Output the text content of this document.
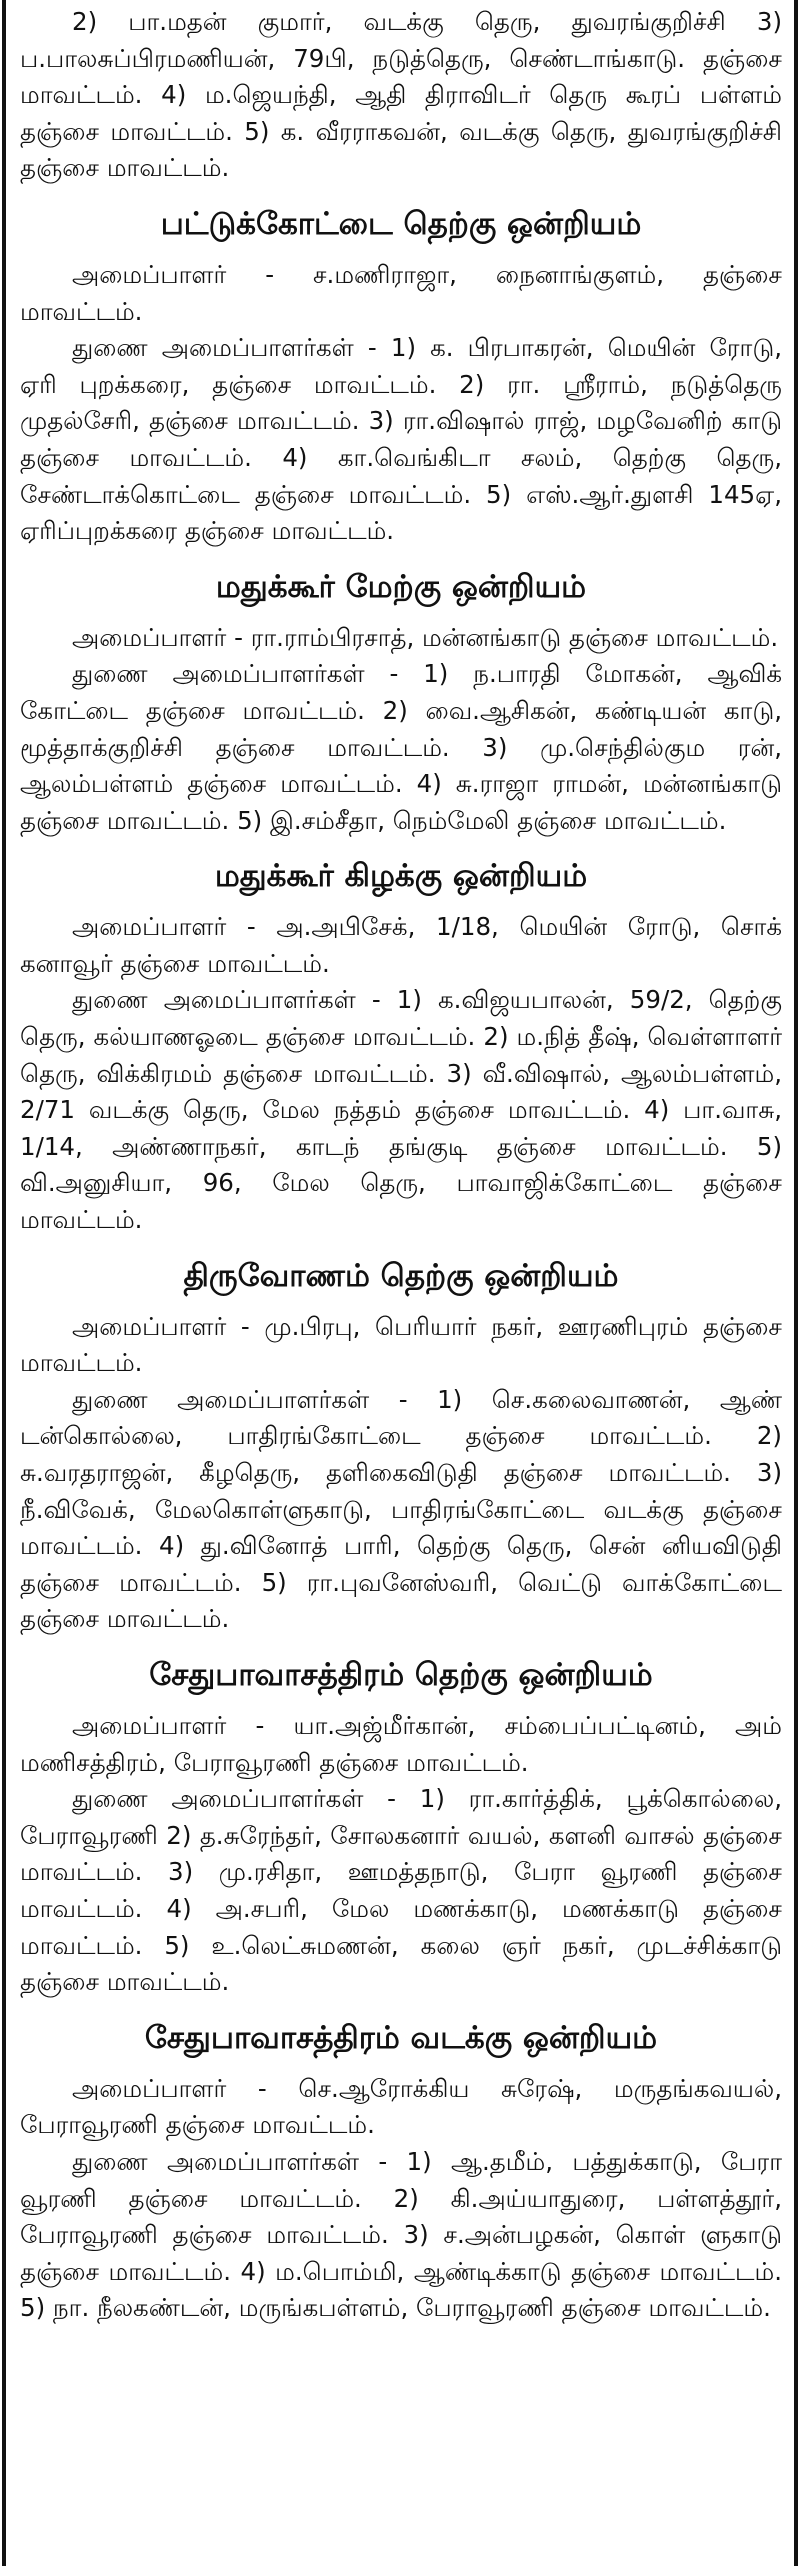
2) பா.மதன் குமார், வடக்கு தெரு, துவரங்குறிச்சி 3) ப.பாலசுப்பிரமணியன், 79பி, நடுத்தெரு, செண்டாங்காடு. தஞ்சை மாவட்டம். 4) ம.ஜெயந்தி, ஆதி திராவிடர் தெரு கூரப் பள்ளம் தஞ்சை மாவட்டம். 5) க. வீரராகவன், வடக்கு தெரு, துவரங்குறிச்சி தஞ்சை மாவட்டம்.

பட்டுக்கோட்டை தெற்கு ஒன்றியம்

அமைப்பாளர் - ச.மணிராஜா, நைனாங்குளம், தஞ்சை மாவட்டம்.

துணை அமைப்பாளர்கள் - 1) க. பிரபாகரன், மெயின் ரோடு, ஏரி புறக்கரை, தஞ்சை மாவட்டம். 2) ரா. ஸ்ரீராம், நடுத்தெரு முதல்சேரி, தஞ்சை மாவட்டம். 3) ரா.விஷால் ராஜ், மழவேனிற் காடு தஞ்சை மாவட்டம். 4) கா.வெங்கிடா சலம், தெற்கு தெரு, சேண்டாக்கொட்டை தஞ்சை மாவட்டம். 5) எஸ்.ஆர்.துளசி 145ஏ, ஏரிப்புறக்கரை தஞ்சை மாவட்டம்.

மதுக்கூர் மேற்கு ஒன்றியம்

அமைப்பாளர் - ரா.ராம்பிரசாத், மன்னங்காடு தஞ்சை மாவட்டம்.

துணை அமைப்பாளர்கள் - 1) ந.பாரதி மோகன், ஆவிக் கோட்டை தஞ்சை மாவட்டம். 2) வை.ஆசிகன், கண்டியன் காடு, மூத்தாக்குறிச்சி தஞ்சை மாவட்டம். 3) மு.செந்தில்கும ரன், ஆலம்பள்ளம் தஞ்சை மாவட்டம். 4) சு.ராஜா ராமன், மன்னங்காடு தஞ்சை மாவட்டம். 5) இ.சம்சீதா, நெம்மேலி தஞ்சை மாவட்டம்.

மதுக்கூர் கிழக்கு ஒன்றியம்

அமைப்பாளர் - அ.அபிசேக், 1/18, மெயின் ரோடு, சொக் கனாவூர் தஞ்சை மாவட்டம்.

துணை அமைப்பாளர்கள் - 1) க.விஜயபாலன், 59/2, தெற்கு தெரு, கல்யாணஓடை தஞ்சை மாவட்டம். 2) ம.நித் தீஷ், வெள்ளாளர் தெரு, விக்கிரமம் தஞ்சை மாவட்டம். 3) வீ.விஷால், ஆலம்பள்ளம், 2/71 வடக்கு தெரு, மேல நத்தம் தஞ்சை மாவட்டம். 4) பா.வாசு, 1/14, அண்ணாநகர், காடந் தங்குடி தஞ்சை மாவட்டம். 5) வி.அனுசியா, 96, மேல தெரு, பாவாஜிக்கோட்டை தஞ்சை மாவட்டம்.

திருவோணம் தெற்கு ஒன்றியம்

அமைப்பாளர் - மு.பிரபு, பெரியார் நகர், ஊரணிபுரம் தஞ்சை மாவட்டம்.

துணை அமைப்பாளர்கள் - 1) செ.கலைவாணன், ஆண் டன்கொல்லை, பாதிரங்கோட்டை தஞ்சை மாவட்டம். 2) சு.வரதராஜன், கீழதெரு, தளிகைவிடுதி தஞ்சை மாவட்டம். 3) நீ.விவேக், மேலகொள்ளுகாடு, பாதிரங்கோட்டை வடக்கு தஞ்சை மாவட்டம். 4) து.வினோத் பாரி, தெற்கு தெரு, சென் னியவிடுதி தஞ்சை மாவட்டம். 5) ரா.புவனேஸ்வரி, வெட்டு வாக்கோட்டை தஞ்சை மாவட்டம்.

சேதுபாவாசத்திரம் தெற்கு ஒன்றியம்

அமைப்பாளர் - யா.அஜ்மீர்கான், சம்பைப்பட்டினம், அம் மணிசத்திரம், பேராவூரணி தஞ்சை மாவட்டம்.

துணை அமைப்பாளர்கள் - 1) ரா.கார்த்திக், பூக்கொல்லை, பேராவூரணி 2) த.சுரேந்தர், சோலகனார் வயல், களனி வாசல் தஞ்சை மாவட்டம். 3) மு.ரசிதா, ஊமத்தநாடு, பேரா வூரணி தஞ்சை மாவட்டம். 4) அ.சபரி, மேல மணக்காடு, மணக்காடு தஞ்சை மாவட்டம். 5) உ.லெட்சுமணன், கலை ஞர் நகர், முடச்சிக்காடு தஞ்சை மாவட்டம்.

சேதுபாவாசத்திரம் வடக்கு ஒன்றியம்

அமைப்பாளர் - செ.ஆரோக்கிய சுரேஷ், மருதங்கவயல், பேராவூரணி தஞ்சை மாவட்டம்.

துணை அமைப்பாளர்கள் - 1) ஆ.தமீம், பத்துக்காடு, பேரா வூரணி தஞ்சை மாவட்டம். 2) கி.அய்யாதுரை, பள்ளத்தூர், பேராவூரணி தஞ்சை மாவட்டம். 3) ச.அன்பழகன், கொள் ளுகாடு தஞ்சை மாவட்டம். 4) ம.பொம்மி, ஆண்டிக்காடு தஞ்சை மாவட்டம். 5) நா. நீலகண்டன், மருங்கபள்ளம், பேராவூரணி தஞ்சை மாவட்டம்.
